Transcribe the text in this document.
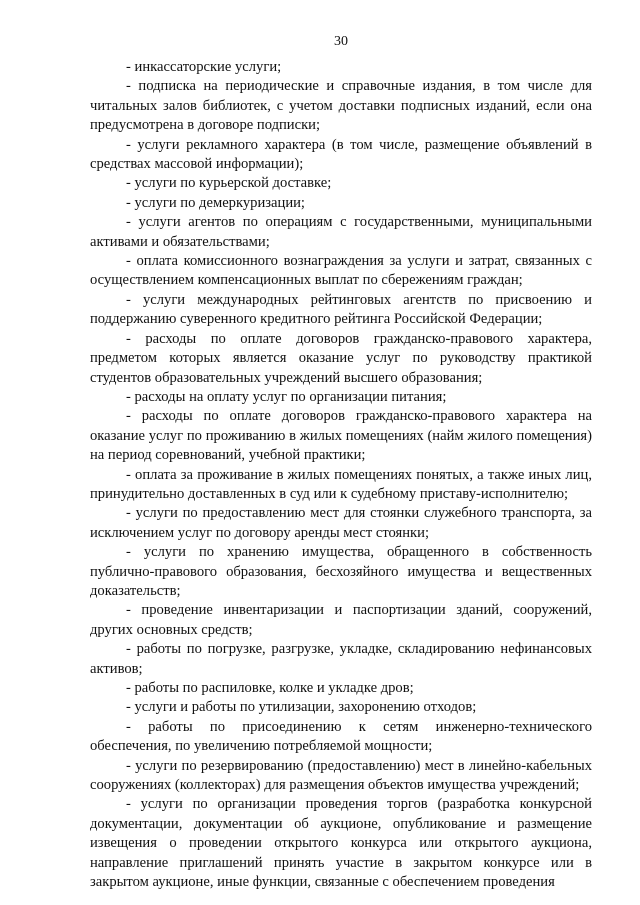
30

- инкассаторские услуги;

- подписка на периодические и справочные издания, в том числе для читальных залов библиотек, с учетом доставки подписных изданий, если она предусмотрена в договоре подписки;

- услуги рекламного характера (в том числе, размещение объявлений в средствах массовой информации);

- услуги по курьерской доставке;

- услуги по демеркуризации;

- услуги агентов по операциям с государственными, муниципальными активами и обязательствами;

- оплата комиссионного вознаграждения за услуги и затрат, связанных с осуществлением компенсационных выплат по сбережениям граждан;

- услуги международных рейтинговых агентств по присвоению и поддержанию суверенного кредитного рейтинга Российской Федерации;

- расходы по оплате договоров гражданско-правового характера, предметом которых является оказание услуг по руководству практикой студентов образовательных учреждений высшего образования;

- расходы на оплату услуг по организации питания;

- расходы по оплате договоров гражданско-правового характера на оказание услуг по проживанию в жилых помещениях (найм жилого помещения) на период соревнований, учебной практики;

- оплата за проживание в жилых помещениях понятых, а также иных лиц, принудительно доставленных в суд или к судебному приставу-исполнителю;

- услуги по предоставлению мест для стоянки служебного транспорта, за исключением услуг по договору аренды мест стоянки;

- услуги по хранению имущества, обращенного в собственность публично-правового образования, бесхозяйного имущества и вещественных доказательств;

- проведение инвентаризации и паспортизации зданий, сооружений, других основных средств;

- работы по погрузке, разгрузке, укладке, складированию нефинансовых активов;

- работы по распиловке, колке и укладке дров;

- услуги и работы по утилизации, захоронению отходов;

- работы по присоединению к сетям инженерно-технического обеспечения, по увеличению потребляемой мощности;

- услуги по резервированию (предоставлению) мест в линейно-кабельных сооружениях (коллекторах) для размещения объектов имущества учреждений;

- услуги по организации проведения торгов (разработка конкурсной документации, документации об аукционе, опубликование и размещение извещения о проведении открытого конкурса или открытого аукциона, направление приглашений принять участие в закрытом конкурсе или в закрытом аукционе, иные функции, связанные с обеспечением проведения
